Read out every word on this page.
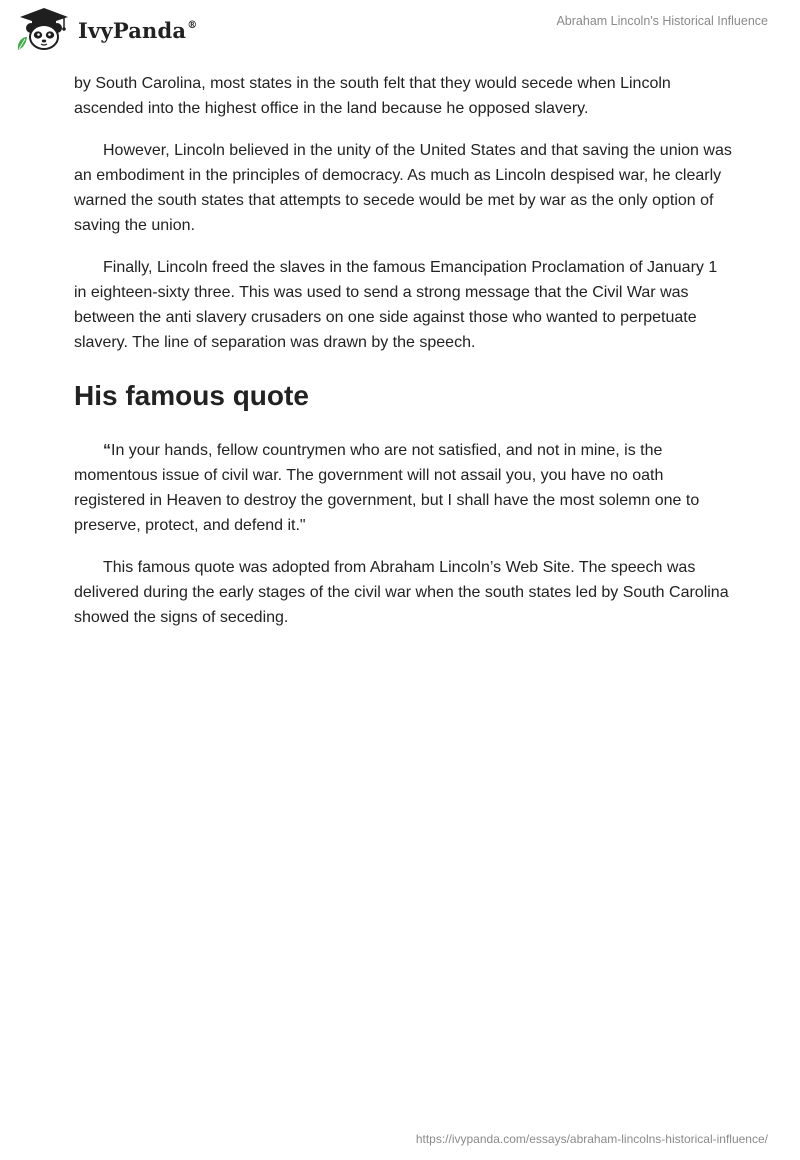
IvyPanda®	Abraham Lincoln's Historical Influence

by South Carolina, most states in the south felt that they would secede when Lincoln ascended into the highest office in the land because he opposed slavery.

However, Lincoln believed in the unity of the United States and that saving the union was an embodiment in the principles of democracy. As much as Lincoln despised war, he clearly warned the south states that attempts to secede would be met by war as the only option of saving the union.

Finally, Lincoln freed the slaves in the famous Emancipation Proclamation of January 1 in eighteen-sixty three. This was used to send a strong message that the Civil War was between the anti slavery crusaders on one side against those who wanted to perpetuate slavery. The line of separation was drawn by the speech.

His famous quote

“In your hands, fellow countrymen who are not satisfied, and not in mine, is the momentous issue of civil war. The government will not assail you, you have no oath registered in Heaven to destroy the government, but I shall have the most solemn one to preserve, protect, and defend it."

This famous quote was adopted from Abraham Lincoln’s Web Site. The speech was delivered during the early stages of the civil war when the south states led by South Carolina showed the signs of seceding.

https://ivypanda.com/essays/abraham-lincolns-historical-influence/
